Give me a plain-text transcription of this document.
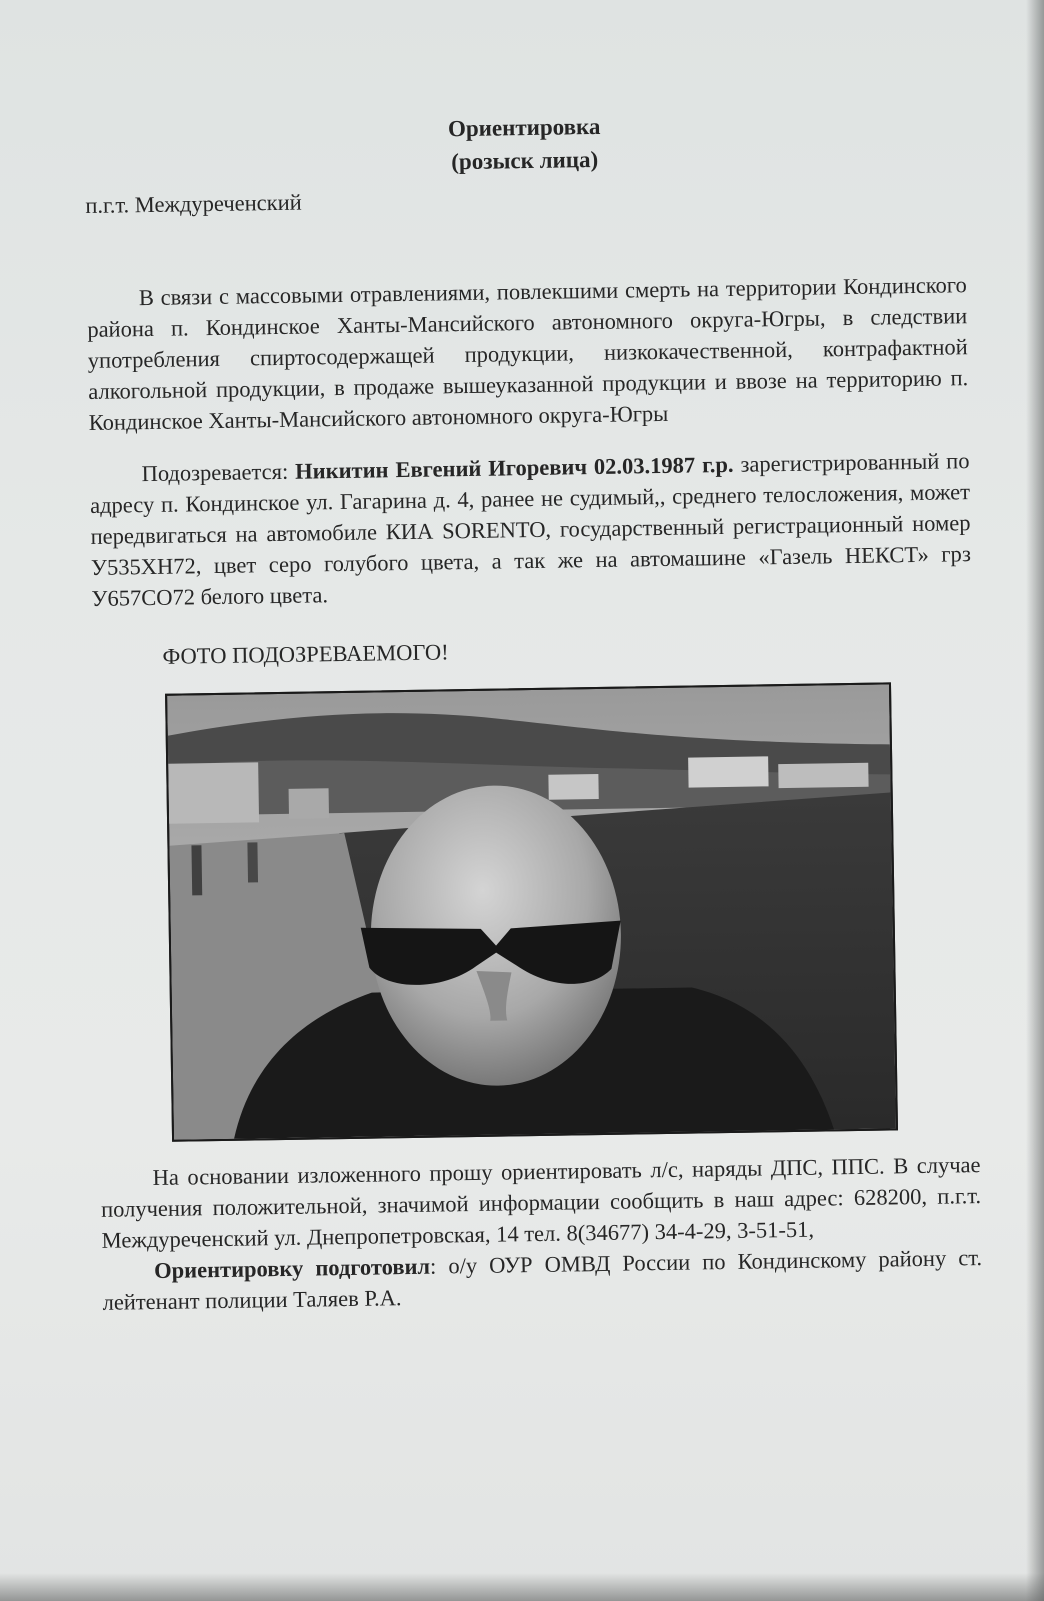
Ориентировка
(розыск лица)
п.г.т. Междуреченский

В связи с массовыми отравлениями, повлекшими смерть на территории Кондинского района п. Кондинское Ханты-Мансийского автономного округа-Югры, в следствии употребления спиртосодержащей продукции, низкокачественной, контрафактной алкогольной продукции, в продаже вышеуказанной продукции и ввозе на территорию п. Кондинское Ханты-Мансийского автономного округа-Югры

Подозревается: Никитин Евгений Игоревич 02.03.1987 г.р. зарегистрированный по адресу п. Кондинское ул. Гагарина д. 4, ранее не судимый,, среднего телосложения, может передвигаться на автомобиле КИА SORENTO, государственный регистрационный номер У535ХН72, цвет серо голубого цвета, а так же на автомашине «Газель НЕКСТ» грз У657СО72 белого цвета.

ФОТО ПОДОЗРЕВАЕМОГО!

На основании изложенного прошу ориентировать л/с, наряды ДПС, ППС. В случае получения положительной, значимой информации сообщить в наш адрес: 628200, п.г.т. Междуреченский ул. Днепропетровская, 14 тел. 8(34677) 34-4-29, 3-51-51,

Ориентировку подготовил: о/у ОУР ОМВД России по Кондинскому району ст. лейтенант полиции Таляев Р.А.
